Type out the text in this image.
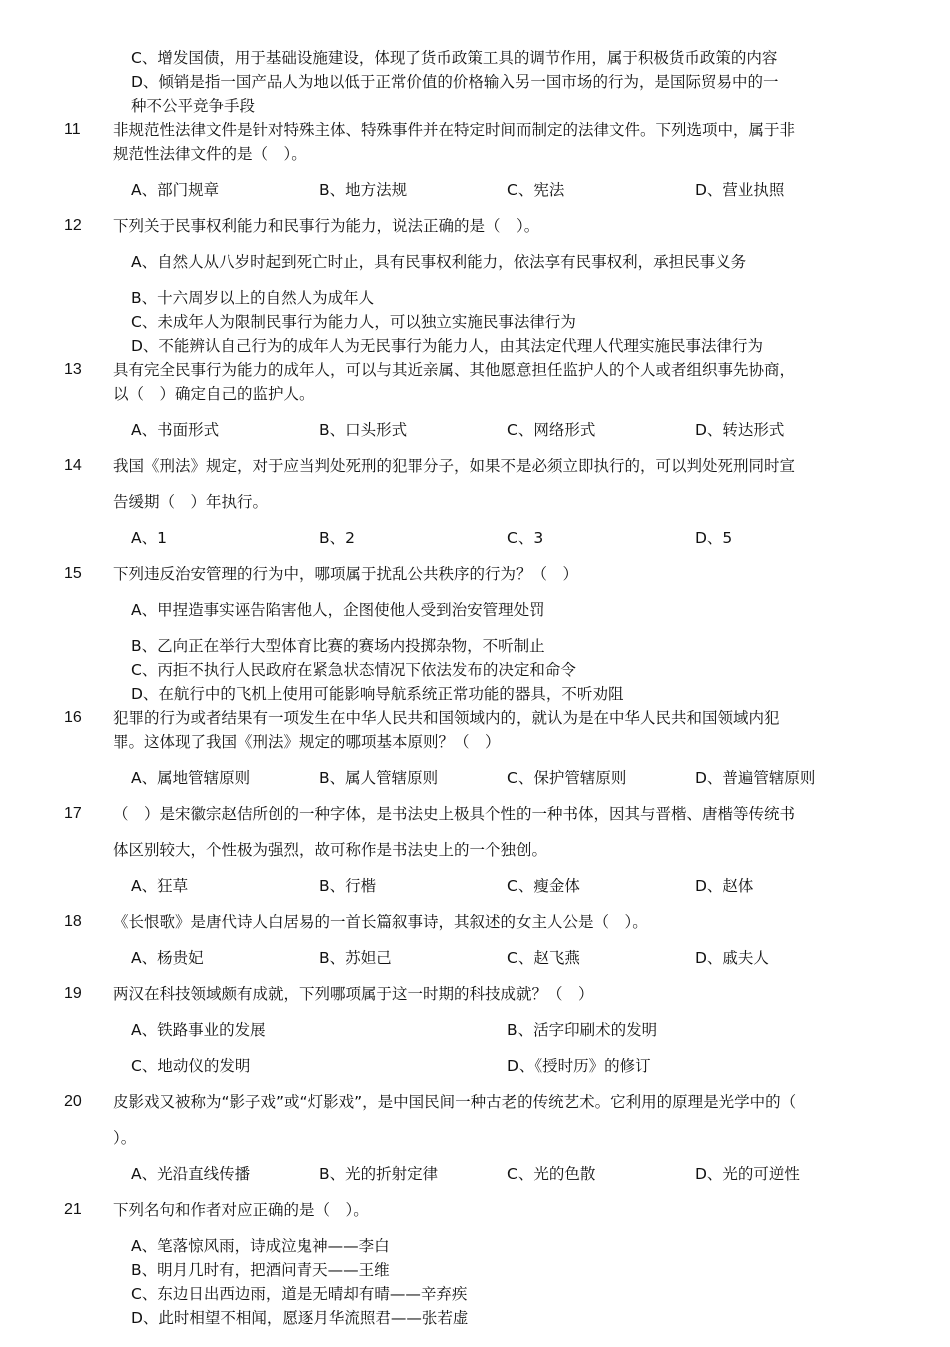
C、增发国债，用于基础设施建设，体现了货币政策工具的调节作用，属于积极货币政策的内容
D、倾销是指一国产品人为地以低于正常价值的价格输入另一国市场的行为，是国际贸易中的一
种不公平竞争手段
11 非规范性法律文件是针对特殊主体、特殊事件并在特定时间而制定的法律文件。下列选项中，属于非
规范性法律文件的是（　）。
A、部门规章	B、地方法规	C、宪法	D、营业执照
12 下列关于民事权利能力和民事行为能力，说法正确的是（　）。
A、自然人从八岁时起到死亡时止，具有民事权利能力，依法享有民事权利，承担民事义务
B、十六周岁以上的自然人为成年人
C、未成年人为限制民事行为能力人，可以独立实施民事法律行为
D、不能辨认自己行为的成年人为无民事行为能力人，由其法定代理人代理实施民事法律行为
13 具有完全民事行为能力的成年人，可以与其近亲属、其他愿意担任监护人的个人或者组织事先协商，
以（　）确定自己的监护人。
A、书面形式	B、口头形式	C、网络形式	D、转达形式
14 我国《刑法》规定，对于应当判处死刑的犯罪分子，如果不是必须立即执行的，可以判处死刑同时宣
告缓期（　）年执行。
A、1	B、2	C、3	D、5
15 下列违反治安管理的行为中，哪项属于扰乱公共秩序的行为？（　）
A、甲捏造事实诬告陷害他人，企图使他人受到治安管理处罚
B、乙向正在举行大型体育比赛的赛场内投掷杂物，不听制止
C、丙拒不执行人民政府在紧急状态情况下依法发布的决定和命令
D、在航行中的飞机上使用可能影响导航系统正常功能的器具，不听劝阻
16 犯罪的行为或者结果有一项发生在中华人民共和国领域内的，就认为是在中华人民共和国领域内犯
罪。这体现了我国《刑法》规定的哪项基本原则？（　）
A、属地管辖原则	B、属人管辖原则	C、保护管辖原则	D、普遍管辖原则
17 （　）是宋徽宗赵佶所创的一种字体，是书法史上极具个性的一种书体，因其与晋楷、唐楷等传统书
体区别较大，个性极为强烈，故可称作是书法史上的一个独创。
A、狂草	B、行楷	C、瘦金体	D、赵体
18 《长恨歌》是唐代诗人白居易的一首长篇叙事诗，其叙述的女主人公是（　）。
A、杨贵妃	B、苏妲己	C、赵飞燕	D、戚夫人
19 两汉在科技领域颇有成就，下列哪项属于这一时期的科技成就？（　）
A、铁路事业的发展	B、活字印刷术的发明
C、地动仪的发明	D、《授时历》的修订
20 皮影戏又被称为“影子戏”或“灯影戏”，是中国民间一种古老的传统艺术。它利用的原理是光学中的（
）。
A、光沿直线传播	B、光的折射定律	C、光的色散	D、光的可逆性
21 下列名句和作者对应正确的是（　）。
A、笔落惊风雨，诗成泣鬼神——李白
B、明月几时有，把酒问青天——王维
C、东边日出西边雨，道是无晴却有晴——辛弃疾
D、此时相望不相闻，愿逐月华流照君——张若虚
